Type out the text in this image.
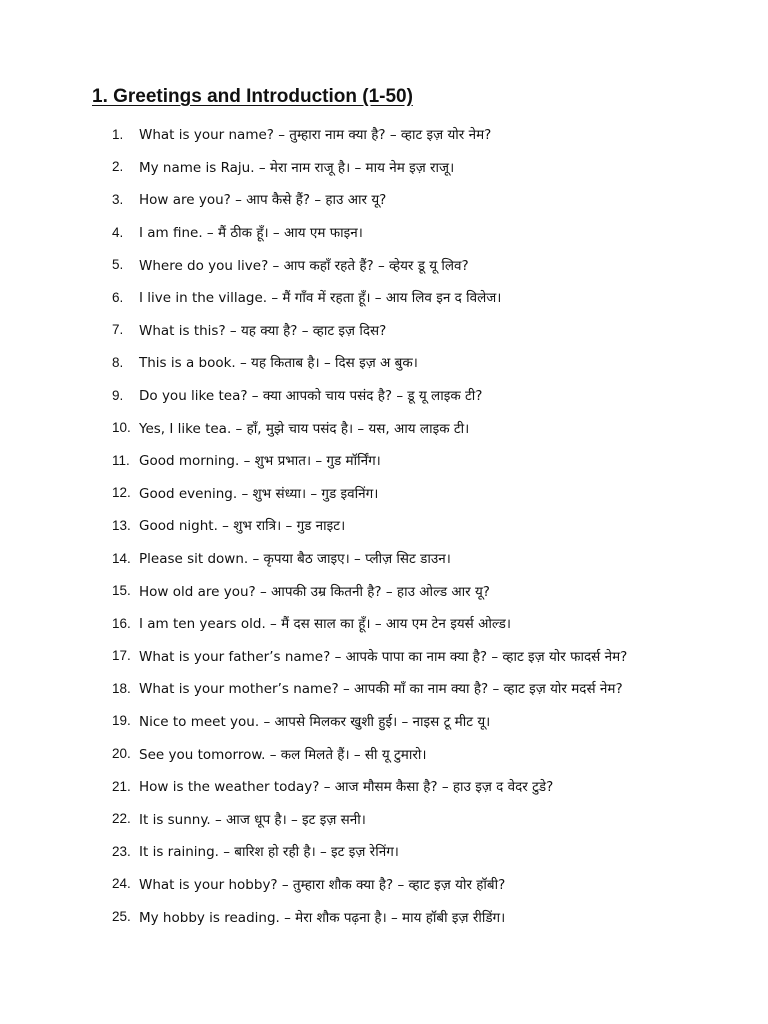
1. Greetings and Introduction (1-50)
1.	What is your name? – तुम्हारा नाम क्या है? – व्हाट इज़ योर नेम?
2.	My name is Raju. – मेरा नाम राजू है। – माय नेम इज़ राजू।
3.	How are you? – आप कैसे हैं? – हाउ आर यू?
4.	I am fine. – मैं ठीक हूँ। – आय एम फाइन।
5.	Where do you live? – आप कहाँ रहते हैं? – व्हेयर डू यू लिव?
6.	I live in the village. – मैं गाँव में रहता हूँ। – आय लिव इन द विलेज।
7.	What is this? – यह क्या है? – व्हाट इज़ दिस?
8.	This is a book. – यह किताब है। – दिस इज़ अ बुक।
9.	Do you like tea? – क्या आपको चाय पसंद है? – डू यू लाइक टी?
10. Yes, I like tea. – हाँ, मुझे चाय पसंद है। – यस, आय लाइक टी।
11. Good morning. – शुभ प्रभात। – गुड मॉर्निंग।
12. Good evening. – शुभ संध्या। – गुड इवनिंग।
13. Good night. – शुभ रात्रि। – गुड नाइट।
14. Please sit down. – कृपया बैठ जाइए। – प्लीज़ सिट डाउन।
15. How old are you? – आपकी उम्र कितनी है? – हाउ ओल्ड आर यू?
16. I am ten years old. – मैं दस साल का हूँ। – आय एम टेन इयर्स ओल्ड।
17. What is your father’s name? – आपके पापा का नाम क्या है? – व्हाट इज़ योर फादर्स नेम?
18. What is your mother’s name? – आपकी माँ का नाम क्या है? – व्हाट इज़ योर मदर्स नेम?
19. Nice to meet you. – आपसे मिलकर खुशी हुई। – नाइस टू मीट यू।
20. See you tomorrow. – कल मिलते हैं। – सी यू टुमारो।
21. How is the weather today? – आज मौसम कैसा है? – हाउ इज़ द वेदर टुडे?
22. It is sunny. – आज धूप है। – इट इज़ सनी।
23. It is raining. – बारिश हो रही है। – इट इज़ रेनिंग।
24. What is your hobby? – तुम्हारा शौक क्या है? – व्हाट इज़ योर हॉबी?
25. My hobby is reading. – मेरा शौक पढ़ना है। – माय हॉबी इज़ रीडिंग।
